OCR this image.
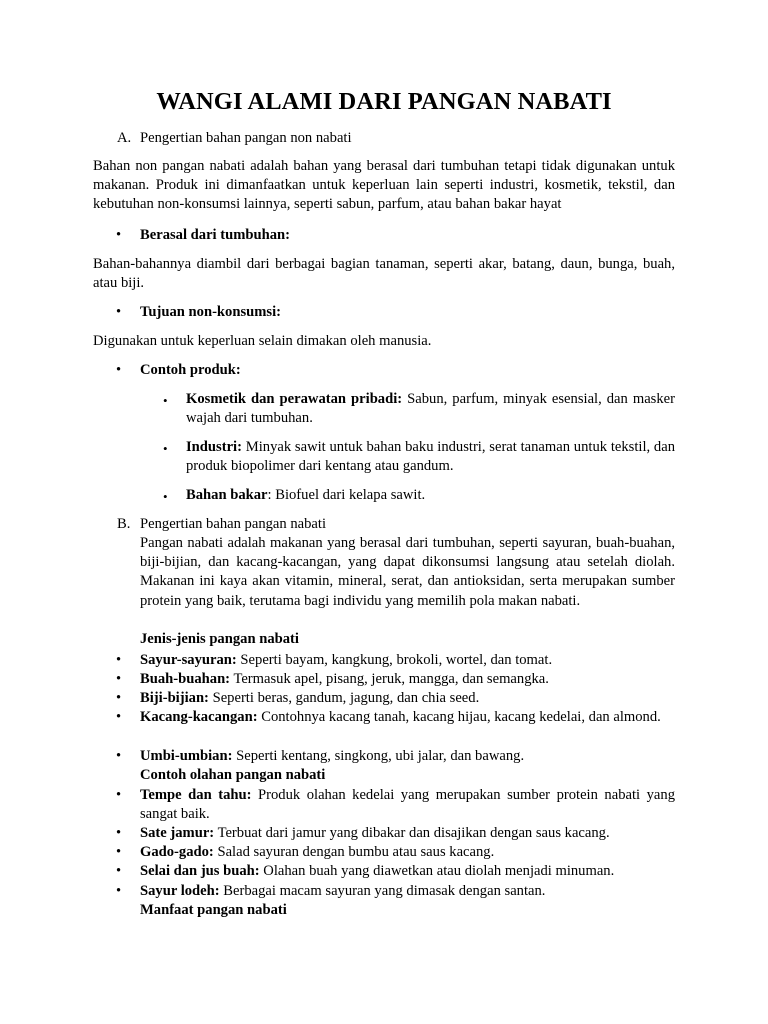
WANGI ALAMI DARI PANGAN NABATI
A. Pengertian bahan pangan non nabati
Bahan non pangan nabati adalah bahan yang berasal dari tumbuhan tetapi tidak digunakan untuk makanan. Produk ini dimanfaatkan untuk keperluan lain seperti industri, kosmetik, tekstil, dan kebutuhan non-konsumsi lainnya, seperti sabun, parfum, atau bahan bakar hayat
• Berasal dari tumbuhan:
Bahan-bahannya diambil dari berbagai bagian tanaman, seperti akar, batang, daun, bunga, buah, atau biji.
• Tujuan non-konsumsi:
Digunakan untuk keperluan selain dimakan oleh manusia.
• Contoh produk:
• Kosmetik dan perawatan pribadi: Sabun, parfum, minyak esensial, dan masker wajah dari tumbuhan.
• Industri: Minyak sawit untuk bahan baku industri, serat tanaman untuk tekstil, dan produk biopolimer dari kentang atau gandum.
• Bahan bakar: Biofuel dari kelapa sawit.
B. Pengertian bahan pangan nabati
Pangan nabati adalah makanan yang berasal dari tumbuhan, seperti sayuran, buah-buahan, biji-bijian, dan kacang-kacangan, yang dapat dikonsumsi langsung atau setelah diolah. Makanan ini kaya akan vitamin, mineral, serat, dan antioksidan, serta merupakan sumber protein yang baik, terutama bagi individu yang memilih pola makan nabati.
Jenis-jenis pangan nabati
• Sayur-sayuran: Seperti bayam, kangkung, brokoli, wortel, dan tomat.
• Buah-buahan: Termasuk apel, pisang, jeruk, mangga, dan semangka.
• Biji-bijian: Seperti beras, gandum, jagung, dan chia seed.
• Kacang-kacangan: Contohnya kacang tanah, kacang hijau, kacang kedelai, dan almond.
• Umbi-umbian: Seperti kentang, singkong, ubi jalar, dan bawang.
Contoh olahan pangan nabati
• Tempe dan tahu: Produk olahan kedelai yang merupakan sumber protein nabati yang sangat baik.
• Sate jamur: Terbuat dari jamur yang dibakar dan disajikan dengan saus kacang.
• Gado-gado: Salad sayuran dengan bumbu atau saus kacang.
• Selai dan jus buah: Olahan buah yang diawetkan atau diolah menjadi minuman.
• Sayur lodeh: Berbagai macam sayuran yang dimasak dengan santan.
Manfaat pangan nabati
